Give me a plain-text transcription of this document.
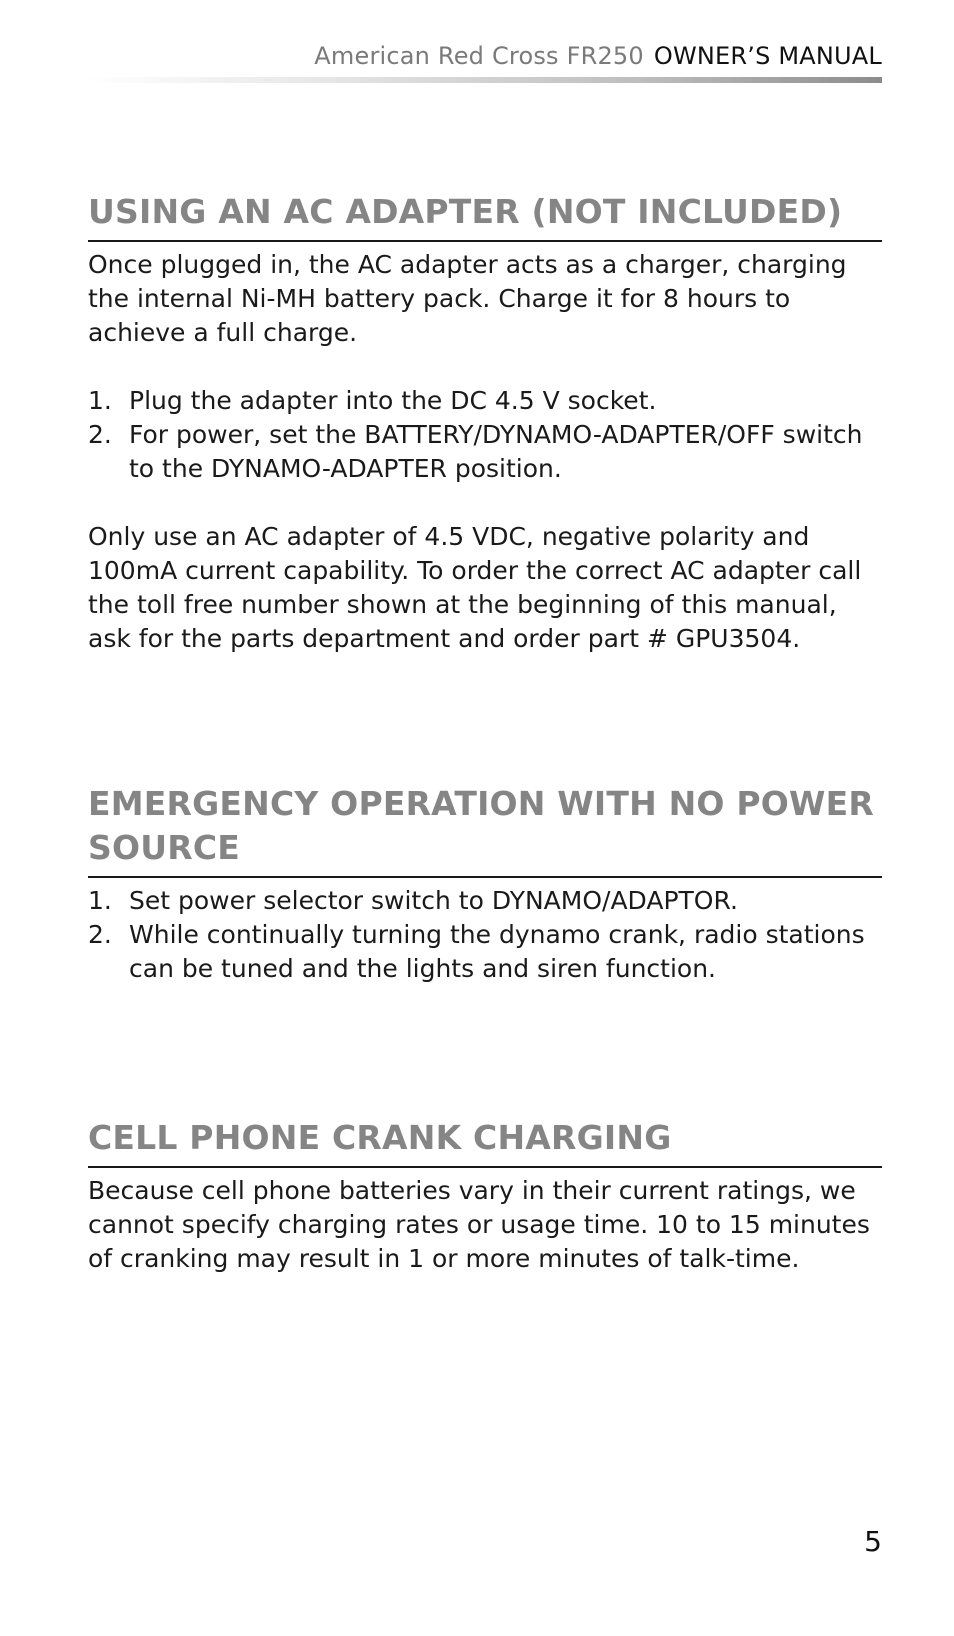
American Red Cross FR250 OWNER’S MANUAL
USING AN AC ADAPTER (NOT INCLUDED)

Once plugged in, the AC adapter acts as a charger, charging the internal Ni-MH battery pack. Charge it for 8 hours to achieve a full charge.

1. Plug the adapter into the DC 4.5 V socket.
2. For power, set the BATTERY/DYNAMO-ADAPTER/OFF switch to the DYNAMO-ADAPTER position.

Only use an AC adapter of 4.5 VDC, negative polarity and 100mA current capability. To order the correct AC adapter call the toll free number shown at the beginning of this manual, ask for the parts department and order part # GPU3504.

EMERGENCY OPERATION WITH NO POWER SOURCE
1. Set power selector switch to DYNAMO/ADAPTOR.
2. While continually turning the dynamo crank, radio stations can be tuned and the lights and siren function.
CELL PHONE CRANK CHARGING

Because cell phone batteries vary in their current ratings, we cannot specify charging rates or usage time. 10 to 15 minutes of cranking may result in 1 or more minutes of talk-time.

5
